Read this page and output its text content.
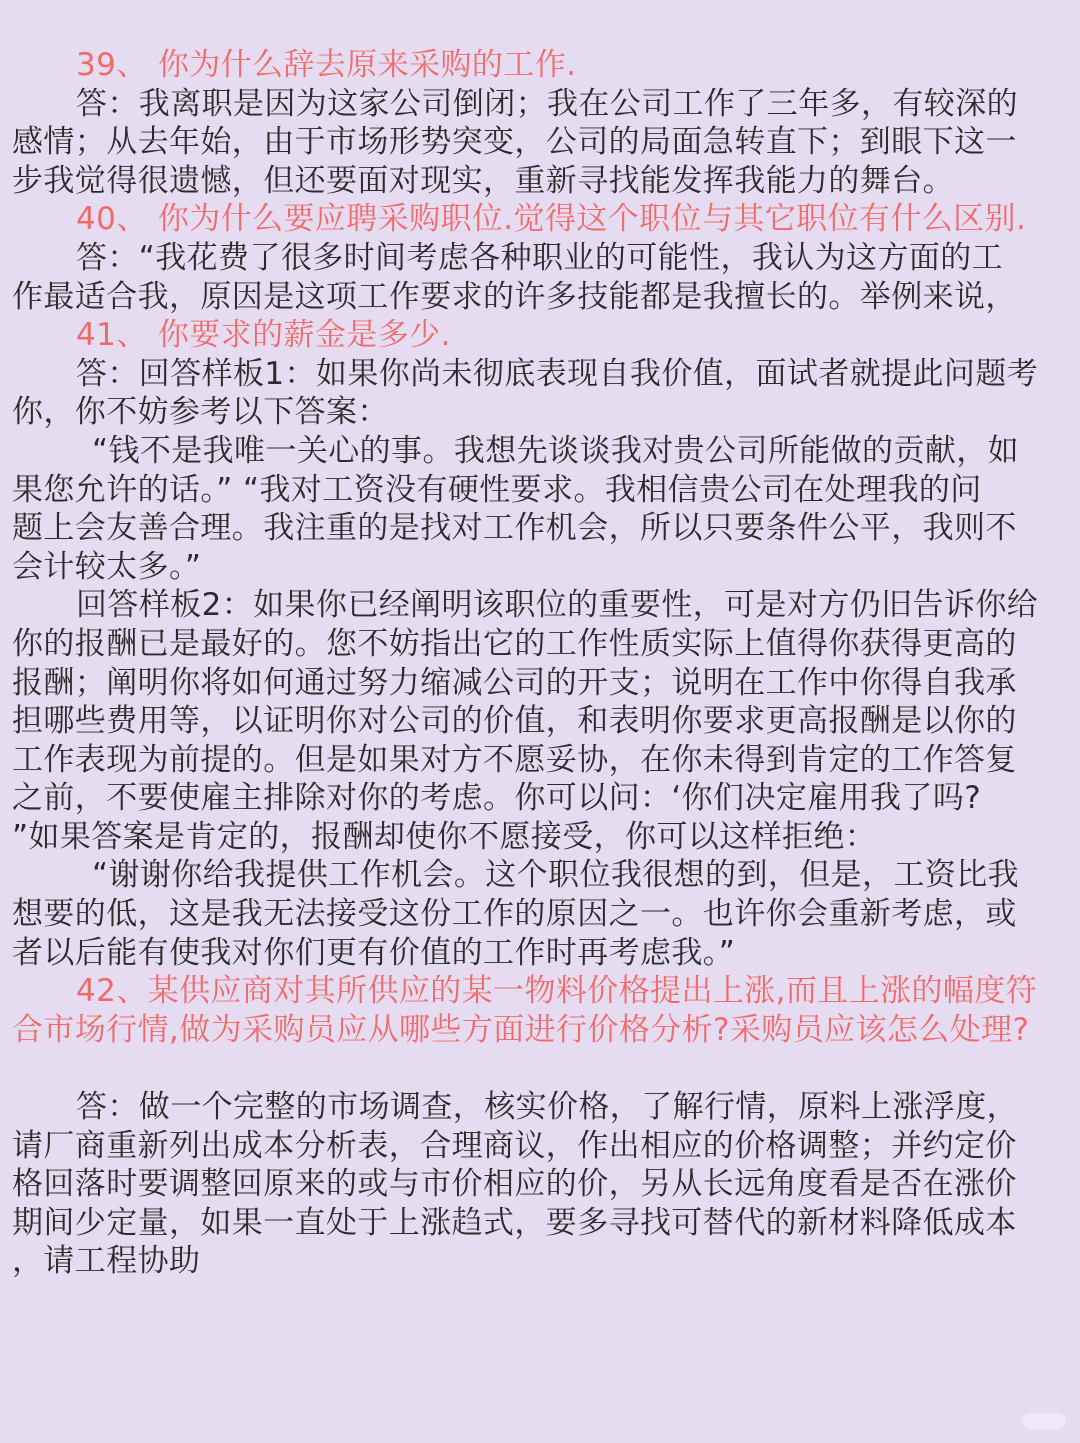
39、 你为什么辞去原来采购的工作.
答：我离职是因为这家公司倒闭；我在公司工作了三年多，有较深的
感情；从去年始，由于市场形势突变，公司的局面急转直下；到眼下这一
步我觉得很遗憾，但还要面对现实，重新寻找能发挥我能力的舞台。
40、 你为什么要应聘采购职位.觉得这个职位与其它职位有什么区别.
答：“我花费了很多时间考虑各种职业的可能性，我认为这方面的工
作最适合我，原因是这项工作要求的许多技能都是我擅长的。举例来说，
41、 你要求的薪金是多少.
答：回答样板1：如果你尚未彻底表现自我价值，面试者就提此问题考
你，你不妨参考以下答案：
“钱不是我唯一关心的事。我想先谈谈我对贵公司所能做的贡献，如
果您允许的话。” “我对工资没有硬性要求。我相信贵公司在处理我的问
题上会友善合理。我注重的是找对工作机会，所以只要条件公平，我则不
会计较太多。”
回答样板2：如果你已经阐明该职位的重要性，可是对方仍旧告诉你给
你的报酬已是最好的。您不妨指出它的工作性质实际上值得你获得更高的
报酬；阐明你将如何通过努力缩减公司的开支；说明在工作中你得自我承
担哪些费用等，以证明你对公司的价值，和表明你要求更高报酬是以你的
工作表现为前提的。但是如果对方不愿妥协，在你未得到肯定的工作答复
之前，不要使雇主排除对你的考虑。你可以问：‘你们决定雇用我了吗?
”如果答案是肯定的，报酬却使你不愿接受，你可以这样拒绝：
“谢谢你给我提供工作机会。这个职位我很想的到，但是，工资比我
想要的低，这是我无法接受这份工作的原因之一。也许你会重新考虑，或
者以后能有使我对你们更有价值的工作时再考虑我。”
42、某供应商对其所供应的某一物料价格提出上涨,而且上涨的幅度符
合市场行情,做为采购员应从哪些方面进行价格分析?采购员应该怎么处理?
答：做一个完整的市场调查，核实价格，了解行情，原料上涨浮度，
请厂商重新列出成本分析表，合理商议，作出相应的价格调整；并约定价
格回落时要调整回原来的或与市价相应的价，另从长远角度看是否在涨价
期间少定量，如果一直处于上涨趋式，要多寻找可替代的新材料降低成本
，请工程协助
